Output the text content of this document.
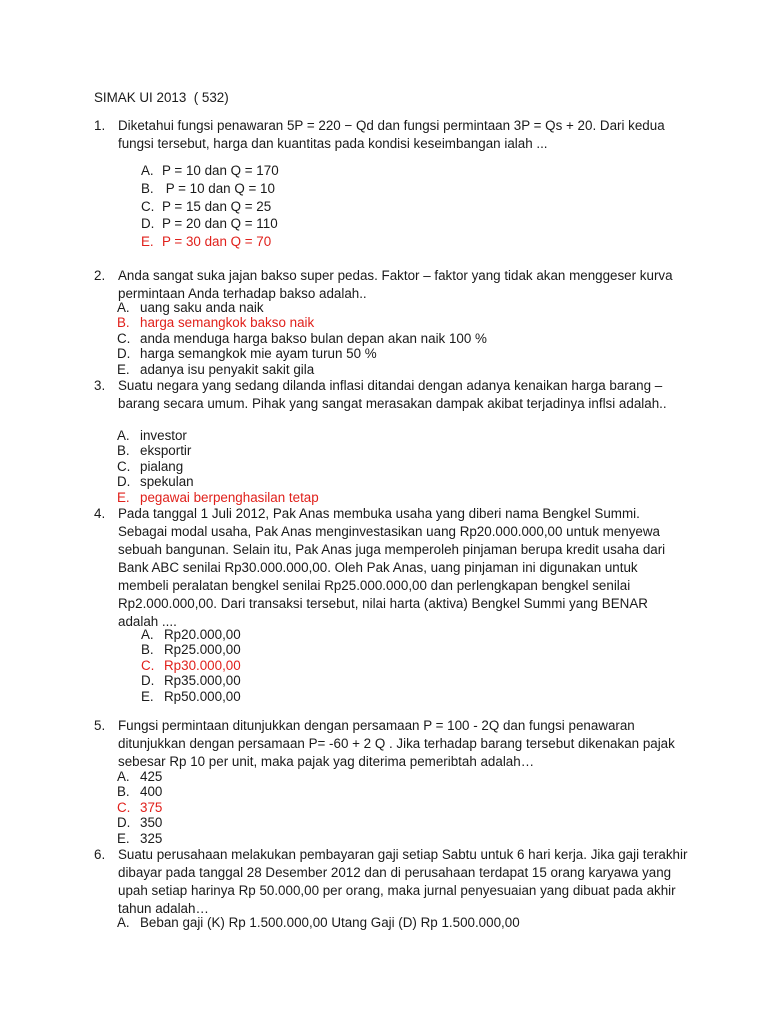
SIMAK UI 2013  ( 532)
1. Diketahui fungsi penawaran 5P = 220 − Qd dan fungsi permintaan 3P = Qs + 20. Dari kedua fungsi tersebut, harga dan kuantitas pada kondisi keseimbangan ialah ...
A. P = 10 dan Q = 170
B. P = 10 dan Q = 10
C. P = 15 dan Q = 25
D. P = 20 dan Q = 110
E. P = 30 dan Q = 70
2. Anda sangat suka jajan bakso super pedas. Faktor – faktor yang tidak akan menggeser kurva permintaan Anda terhadap bakso adalah..
A. uang saku anda naik
B. harga semangkok bakso naik
C. anda menduga harga bakso bulan depan akan naik 100 %
D. harga semangkok mie ayam turun 50 %
E. adanya isu penyakit sakit gila
3. Suatu negara yang sedang dilanda inflasi ditandai dengan adanya kenaikan harga barang – barang secara umum. Pihak yang sangat merasakan dampak akibat terjadinya inflsi adalah..
A. investor
B. eksportir
C. pialang
D. spekulan
E. pegawai berpenghasilan tetap
4. Pada tanggal 1 Juli 2012, Pak Anas membuka usaha yang diberi nama Bengkel Summi. Sebagai modal usaha, Pak Anas menginvestasikan uang Rp20.000.000,00 untuk menyewa sebuah bangunan. Selain itu, Pak Anas juga memperoleh pinjaman berupa kredit usaha dari Bank ABC senilai Rp30.000.000,00. Oleh Pak Anas, uang pinjaman ini digunakan untuk membeli peralatan bengkel senilai Rp25.000.000,00 dan perlengkapan bengkel senilai Rp2.000.000,00. Dari transaksi tersebut, nilai harta (aktiva) Bengkel Summi yang BENAR adalah ....
A. Rp20.000,00
B. Rp25.000,00
C. Rp30.000,00
D. Rp35.000,00
E. Rp50.000,00
5. Fungsi permintaan ditunjukkan dengan persamaan P = 100 - 2Q dan fungsi penawaran ditunjukkan dengan persamaan P= -60 + 2 Q . Jika terhadap barang tersebut dikenakan pajak sebesar Rp 10 per unit, maka pajak yag diterima pemeribtah adalah…
A. 425
B. 400
C. 375
D. 350
E. 325
6. Suatu perusahaan melakukan pembayaran gaji setiap Sabtu untuk 6 hari kerja. Jika gaji terakhir dibayar pada tanggal 28 Desember 2012 dan di perusahaan terdapat 15 orang karyawa yang upah setiap harinya Rp 50.000,00 per orang, maka jurnal penyesuaian yang dibuat pada akhir tahun adalah…
A. Beban gaji (K) Rp 1.500.000,00 Utang Gaji (D) Rp 1.500.000,00
